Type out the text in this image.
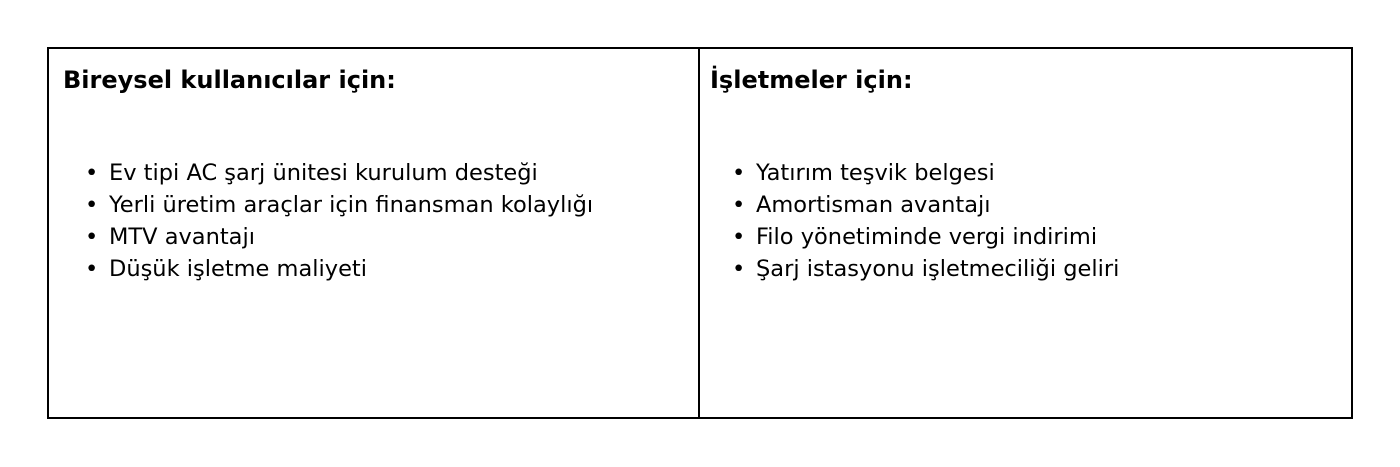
Bireysel kullanıcılar için:
• Ev tipi AC şarj ünitesi kurulum desteği
• Yerli üretim araçlar için finansman kolaylığı
• MTV avantajı
• Düşük işletme maliyeti
İşletmeler için:
• Yatırım teşvik belgesi
• Amortisman avantajı
• Filo yönetiminde vergi indirimi
• Şarj istasyonu işletmeciliği geliri
